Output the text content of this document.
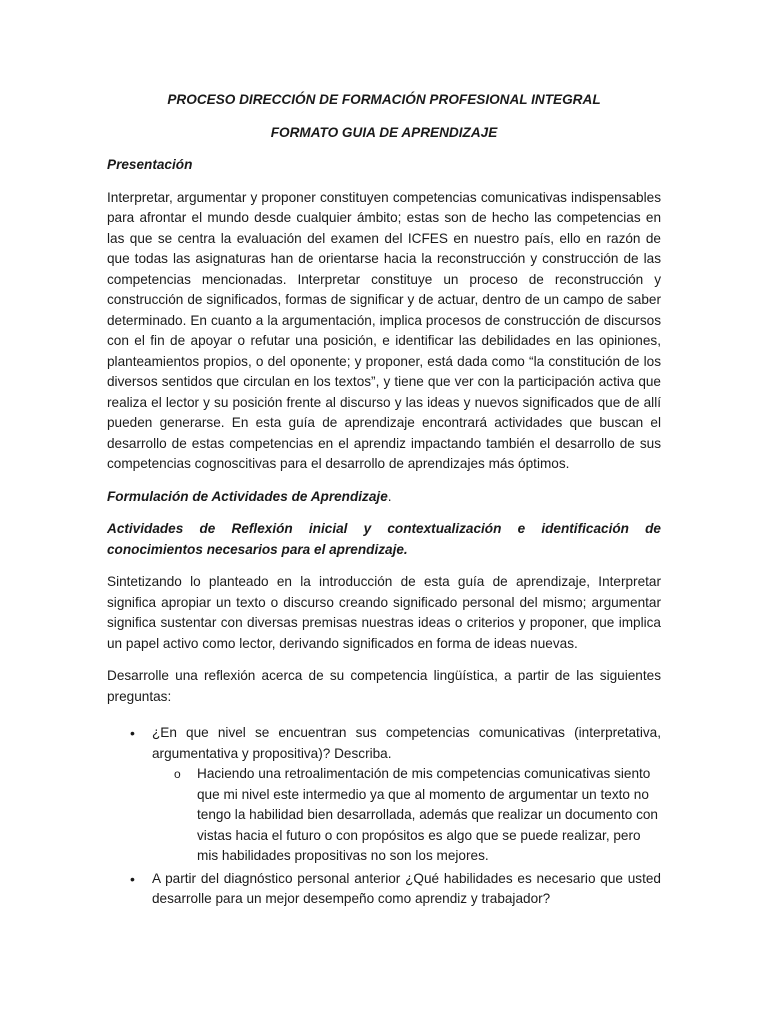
PROCESO DIRECCIÓN DE FORMACIÓN PROFESIONAL INTEGRAL

FORMATO GUIA DE APRENDIZAJE

Presentación

Interpretar, argumentar y proponer constituyen competencias comunicativas indispensables para afrontar el mundo desde cualquier ámbito; estas son de hecho las competencias en las que se centra la evaluación del examen del ICFES en nuestro país, ello en razón de que todas las asignaturas han de orientarse hacia la reconstrucción y construcción de las competencias mencionadas. Interpretar constituye un proceso de reconstrucción y construcción de significados, formas de significar y de actuar, dentro de un campo de saber determinado. En cuanto a la argumentación, implica procesos de construcción de discursos con el fin de apoyar o refutar una posición, e identificar las debilidades en las opiniones, planteamientos propios, o del oponente; y proponer, está dada como “la constitución de los diversos sentidos que circulan en los textos”, y tiene que ver con la participación activa que realiza el lector y su posición frente al discurso y las ideas y nuevos significados que de allí pueden generarse. En esta guía de aprendizaje encontrará actividades que buscan el desarrollo de estas competencias en el aprendiz impactando también el desarrollo de sus competencias cognoscitivas para el desarrollo de aprendizajes más óptimos.

Formulación de Actividades de Aprendizaje.

Actividades de Reflexión inicial y contextualización e identificación de conocimientos necesarios para el aprendizaje.

Sintetizando lo planteado en la introducción de esta guía de aprendizaje, Interpretar significa apropiar un texto o discurso creando significado personal del mismo; argumentar significa sustentar con diversas premisas nuestras ideas o criterios y proponer, que implica un papel activo como lector, derivando significados en forma de ideas nuevas.

Desarrolle una reflexión acerca de su competencia lingüística, a partir de las siguientes preguntas:

• ¿En que nivel se encuentran sus competencias comunicativas (interpretativa, argumentativa y propositiva)? Describa.
o Haciendo una retroalimentación de mis competencias comunicativas siento que mi nivel este intermedio ya que al momento de argumentar un texto no tengo la habilidad bien desarrollada, además que realizar un documento con vistas hacia el futuro o con propósitos es algo que se puede realizar, pero mis habilidades propositivas no son los mejores.
• A partir del diagnóstico personal anterior ¿Qué habilidades es necesario que usted desarrolle para un mejor desempeño como aprendiz y trabajador?
